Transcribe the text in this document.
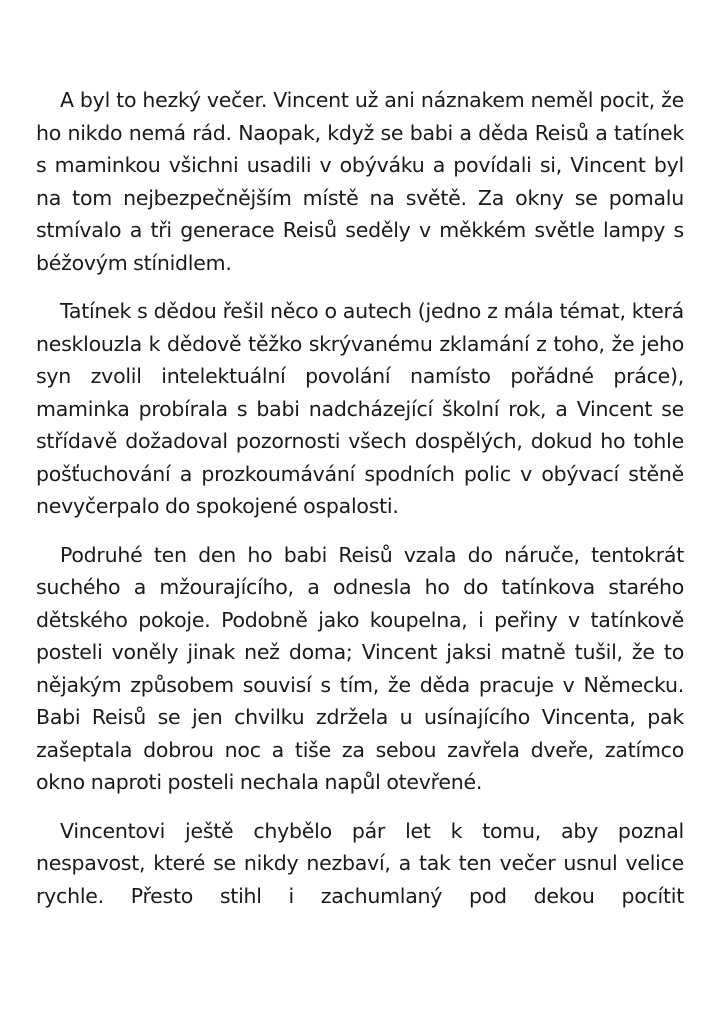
A byl to hezký večer. Vincent už ani náznakem neměl pocit, že ho nikdo nemá rád. Naopak, když se babi a děda Reisů a tatínek s maminkou všichni usadili v obýváku a povídali si, Vincent byl na tom nejbezpečnějším místě na světě. Za okny se pomalu stmívalo a tři generace Reisů seděly v měkkém světle lampy s béžovým stínidlem.

Tatínek s dědou řešil něco o autech (jedno z mála témat, která nesklouzla k dědově těžko skrývanému zklamání z toho, že jeho syn zvolil intelektuální povolání namísto pořádné práce), maminka probírala s babi nadcházející školní rok, a Vincent se střídavě dožadoval pozornosti všech dospělých, dokud ho tohle pošťuchování a prozkoumávání spodních polic v obývací stěně nevyčerpalo do spokojené ospalosti.

Podruhé ten den ho babi Reisů vzala do náruče, tentokrát suchého a mžourajícího, a odnesla ho do tatínkova starého dětského pokoje. Podobně jako koupelna, i peřiny v tatínkově posteli voněly jinak než doma; Vincent jaksi matně tušil, že to nějakým způsobem souvisí s tím, že děda pracuje v Německu. Babi Reisů se jen chvilku zdržela u usínajícího Vincenta, pak zašeptala dobrou noc a tiše za sebou zavřela dveře, zatímco okno naproti posteli nechala napůl otevřené.

Vincentovi ještě chybělo pár let k tomu, aby poznal nespavost, které se nikdy nezbaví, a tak ten večer usnul velice rychle. Přesto stihl i zachumlaný pod dekou pocítit
